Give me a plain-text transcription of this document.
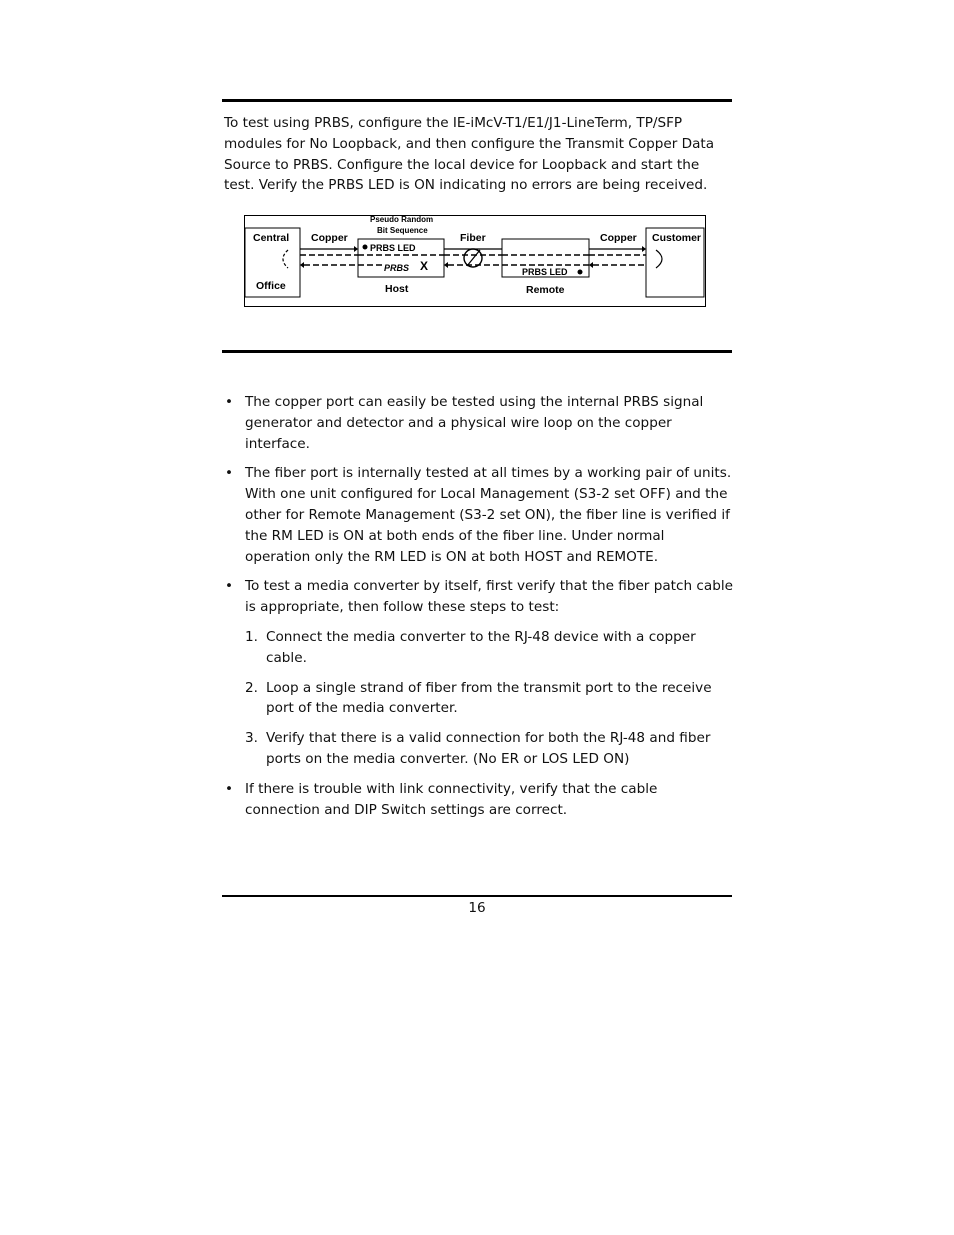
To test using PRBS, configure the IE-iMcV-T1/E1/J1-LineTerm, TP/SFP modules for No Loopback, and then configure the Transmit Copper Data Source to PRBS. Configure the local device for Loopback and start the test. Verify the PRBS LED is ON indicating no errors are being received.

Central
Office
Copper
Pseudo Random
Bit Sequence
PRBS LED
PRBS X
Host
Fiber
PRBS LED
Remote
Copper Customer
• The copper port can easily be tested using the internal PRBS signal generator and detector and a physical wire loop on the copper interface.
• The fiber port is internally tested at all times by a working pair of units. With one unit configured for Local Management (S3-2 set OFF) and the other for Remote Management (S3-2 set ON), the fiber line is verified if the RM LED is ON at both ends of the fiber line. Under normal operation only the RM LED is ON at both HOST and REMOTE.
• To test a media converter by itself, first verify that the fiber patch cable is appropriate, then follow these steps to test:
1. Connect the media converter to the RJ-48 device with a copper cable.
2. Loop a single strand of fiber from the transmit port to the receive port of the media converter.
3. Verify that there is a valid connection for both the RJ-48 and fiber ports on the media converter. (No ER or LOS LED ON)
• If there is trouble with link connectivity, verify that the cable connection and DIP Switch settings are correct.
16
